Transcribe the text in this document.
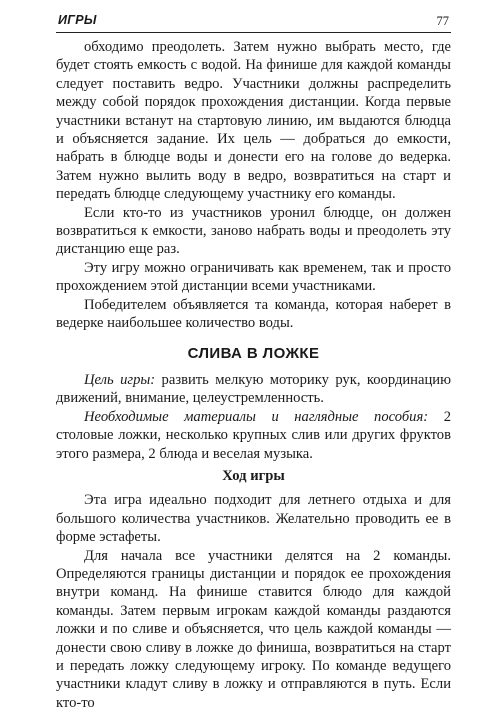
ИГРЫ	77

обходимо преодолеть. Затем нужно выбрать место, где будет стоять емкость с водой. На финише для каждой команды следует поставить ведро. Участники должны распределить между собой порядок прохождения дистанции. Когда первые участники встанут на стартовую линию, им выдаются блюдца и объясняется задание. Их цель — добраться до емкости, набрать в блюдце воды и донести его на голове до ведерка. Затем нужно вылить воду в ведро, возвратиться на старт и передать блюдце следующему участнику его команды.

Если кто-то из участников уронил блюдце, он должен возвратиться к емкости, заново набрать воды и преодолеть эту дистанцию еще раз.

Эту игру можно ограничивать как временем, так и просто прохождением этой дистанции всеми участниками.

Победителем объявляется та команда, которая наберет в ведерке наибольшее количество воды.

СЛИВА В ЛОЖКЕ

Цель игры: развить мелкую моторику рук, координацию движений, внимание, целеустремленность.

Необходимые материалы и наглядные пособия: 2 столовые ложки, несколько крупных слив или других фруктов этого размера, 2 блюда и веселая музыка.

Ход игры

Эта игра идеально подходит для летнего отдыха и для большого количества участников. Желательно проводить ее в форме эстафеты.

Для начала все участники делятся на 2 команды. Определяются границы дистанции и порядок ее прохождения внутри команд. На финише ставится блюдо для каждой команды. Затем первым игрокам каждой команды раздаются ложки и по сливе и объясняется, что цель каждой команды — донести свою сливу в ложке до финиша, возвратиться на старт и передать ложку следующему игроку. По команде ведущего участники кладут сливу в ложку и отправляются в путь. Если кто-то
